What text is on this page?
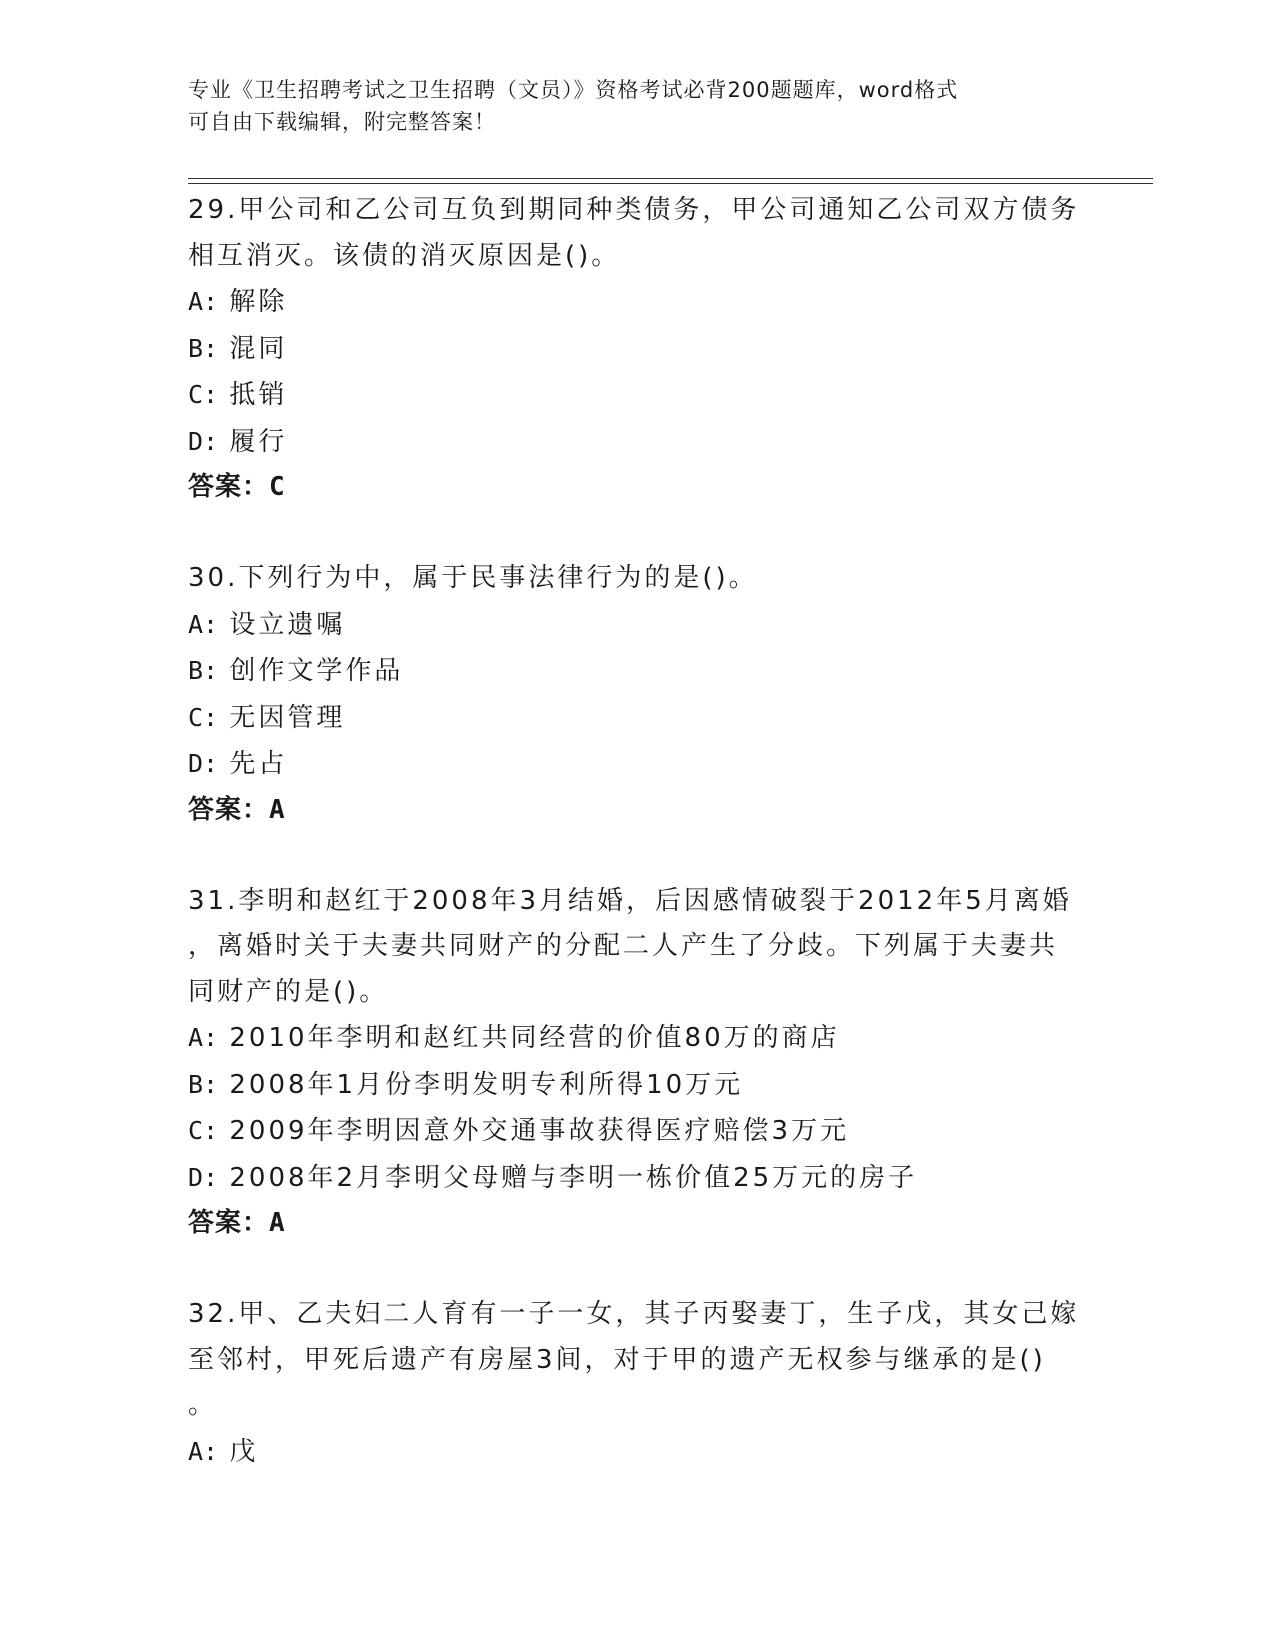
专业《卫生招聘考试之卫生招聘（文员）》资格考试必背200题题库，word格式
可自由下载编辑，附完整答案！
29.甲公司和乙公司互负到期同种类债务，甲公司通知乙公司双方债务
相互消灭。该债的消灭原因是()。
A: 解除
B: 混同
C: 抵销
D: 履行
答案：C
30.下列行为中，属于民事法律行为的是()。
A: 设立遗嘱
B: 创作文学作品
C: 无因管理
D: 先占
答案：A
31.李明和赵红于2008年3月结婚，后因感情破裂于2012年5月离婚
，离婚时关于夫妻共同财产的分配二人产生了分歧。下列属于夫妻共
同财产的是()。
A: 2010年李明和赵红共同经营的价值80万的商店
B: 2008年1月份李明发明专利所得10万元
C: 2009年李明因意外交通事故获得医疗赔偿3万元
D: 2008年2月李明父母赠与李明一栋价值25万元的房子
答案：A
32.甲、乙夫妇二人育有一子一女，其子丙娶妻丁，生子戊，其女己嫁
至邻村，甲死后遗产有房屋3间，对于甲的遗产无权参与继承的是()
。
A: 戊
